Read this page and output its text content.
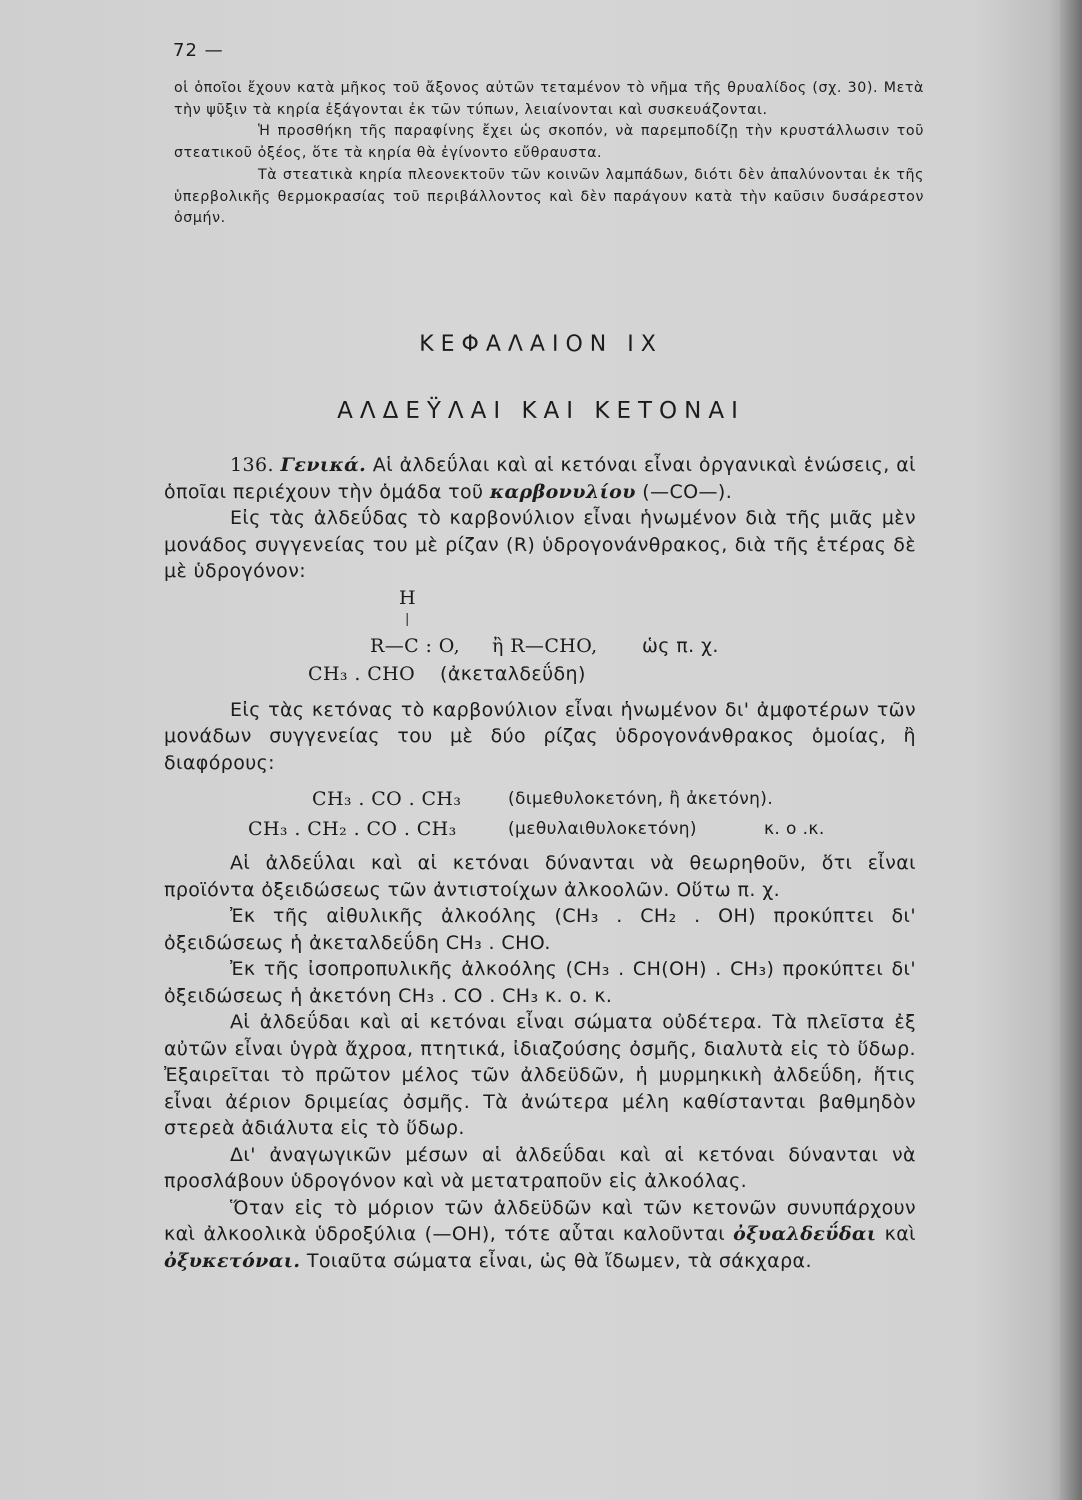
72 —

οἱ ὁποῖοι ἔχουν κατὰ μῆκος τοῦ ἄξονος αὐτῶν τεταμένον τὸ νῆμα τῆς θρυαλίδος (σχ. 30). Μετὰ τὴν ψῦξιν τὰ κηρία ἐξάγονται ἐκ τῶν τύπων, λειαίνονται καὶ συσκευάζονται.

Ἡ προσθήκη τῆς παραφίνης ἔχει ὡς σκοπόν, νὰ παρεμποδίζῃ τὴν κρυστάλλωσιν τοῦ στεατικοῦ ὀξέος, ὅτε τὰ κηρία θὰ ἐγίνοντο εὔθραυστα.

Τὰ στεατικὰ κηρία πλεονεκτοῦν τῶν κοινῶν λαμπάδων, διότι δὲν ἀπαλύνονται ἐκ τῆς ὑπερβολικῆς θερμοκρασίας τοῦ περιβάλλοντος καὶ δὲν παράγουν κατὰ τὴν καῦσιν δυσάρεστον ὀσμήν.

ΚΕΦΑΛΑΙΟΝ IX
ΑΛΔΕΫΛΑΙ ΚΑΙ ΚΕΤΟΝΑΙ

136. Γενικά. Αἱ ἀλδεΰλαι καὶ αἱ κετόναι εἶναι ὀργανικαὶ ἑνώσεις, αἱ ὁποῖαι περιέχουν τὴν ὁμάδα τοῦ καρβονυλίου (—CO—).

Εἰς τὰς ἀλδεΰδας τὸ καρβονύλιον εἶναι ἡνωμένον διὰ τῆς μιᾶς μὲν μονάδος συγγενείας του μὲ ρίζαν (R) ὑδρογονάνθρακος, διὰ τῆς ἑτέρας δὲ μὲ ὑδρογόνον:

H
|
R—C : O, ἢ R—CHO, ὡς π. χ.
CH₃ . CHO (ἀκεταλδεΰδη)

Εἰς τὰς κετόνας τὸ καρβονύλιον εἶναι ἡνωμένον δι' ἀμφοτέρων τῶν μονάδων συγγενείας του μὲ δύο ρίζας ὑδρογονάνθρακος ὁμοίας, ἢ διαφόρους:

CH₃ . CO . CH₃	(διμεθυλοκετόνη, ἢ ἀκετόνη).
CH₃ . CH₂ . CO . CH₃	(μεθυλαιθυλοκετόνη)	κ. ο .κ.

Αἱ ἀλδεΰλαι καὶ αἱ κετόναι δύνανται νὰ θεωρηθοῦν, ὅτι εἶναι προϊόντα ὀξειδώσεως τῶν ἀντιστοίχων ἀλκοολῶν. Οὕτω π. χ.

Ἐκ τῆς αἰθυλικῆς ἀλκοόλης (CH₃ . CH₂ . OH) προκύπτει δι' ὀξειδώσεως ἡ ἀκεταλδεΰδη CH₃ . CHO.

Ἐκ τῆς ἰσοπροπυλικῆς ἀλκοόλης (CH₃ . CH(OH) . CH₃) προκύπτει δι' ὀξειδώσεως ἡ ἀκετόνη CH₃ . CO . CH₃ κ. ο. κ.

Αἱ ἀλδεΰδαι καὶ αἱ κετόναι εἶναι σώματα οὐδέτερα. Τὰ πλεῖστα ἐξ αὐτῶν εἶναι ὑγρὰ ἄχροα, πτητικά, ἰδιαζούσης ὀσμῆς, διαλυτὰ εἰς τὸ ὕδωρ. Ἐξαιρεῖται τὸ πρῶτον μέλος τῶν ἀλδεϋδῶν, ἡ μυρμηκικὴ ἀλδεΰδη, ἥτις εἶναι ἀέριον δριμείας ὀσμῆς. Τὰ ἀνώτερα μέλη καθίστανται βαθμηδὸν στερεὰ ἀδιάλυτα εἰς τὸ ὕδωρ.

Δι' ἀναγωγικῶν μέσων αἱ ἀλδεΰδαι καὶ αἱ κετόναι δύνανται νὰ προσλάβουν ὑδρογόνον καὶ νὰ μετατραποῦν εἰς ἀλκοόλας.

Ὅταν εἰς τὸ μόριον τῶν ἀλδεϋδῶν καὶ τῶν κετονῶν συνυπάρχουν καὶ ἀλκοολικὰ ὑδροξύλια (—OH), τότε αὗται καλοῦνται ὀξυαλδεΰδαι καὶ ὀξυκετόναι. Τοιαῦτα σώματα εἶναι, ὡς θὰ ἴδωμεν, τὰ σάκχαρα.
